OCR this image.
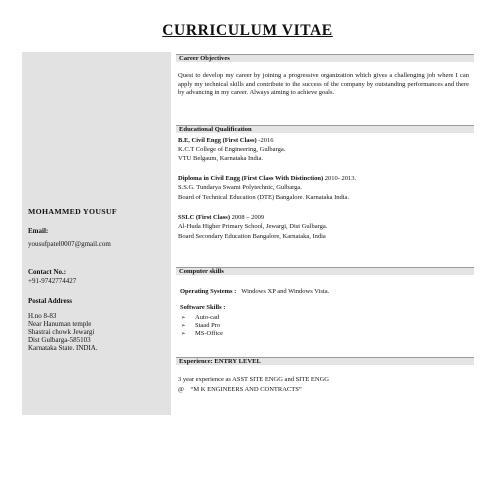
CURRICULUM VITAE
MOHAMMED YOUSUF
Email:
yousufpatel0007@gmail.com
Contact No.:
+91-9742774427
Postal Address
H.no 8-83
Near Hanuman temple
Shastrai chowk Jewargi
Dist Gulbarga-585103
Karnataka State. INDIA.
Career Objectives
Quest to develop my career by joining a progressive organization which gives a challenging job where I can apply my technical skills and contribute to the success of the company by outstanding performances and there by advancing in my career. Always aiming to achieve goals.
Educational Qualification
B.E, Civil Engg (First Class) -2016
K.C.T College of Engineering, Gulbarga.
VTU Belgaum, Karnataka India.
Diploma in Civil Engg (First Class With Distinction) 2010- 2013.
S.S.G. Tundarya Swami Polytechnic, Gulbarga.
Board of Technical Education (DTE) Bangalore. Karnataka India.
SSLC (First Class) 2008 – 2009
Al-Huda Higher Primary School, Jewargi, Dist Gulbarga.
Board Secondary Education Bangalore, Karnataka, India
Computer skills
Operating Systems : Windows XP and Windows Vista.
Software Skills :
➢ Auto-cad
➢ Staad Pro
➢ MS-Office
Experience: ENTRY LEVEL
3 year experience as ASST SITE ENGG and SITE ENGG
@ “M K ENGINEERS AND CONTRACTS”
